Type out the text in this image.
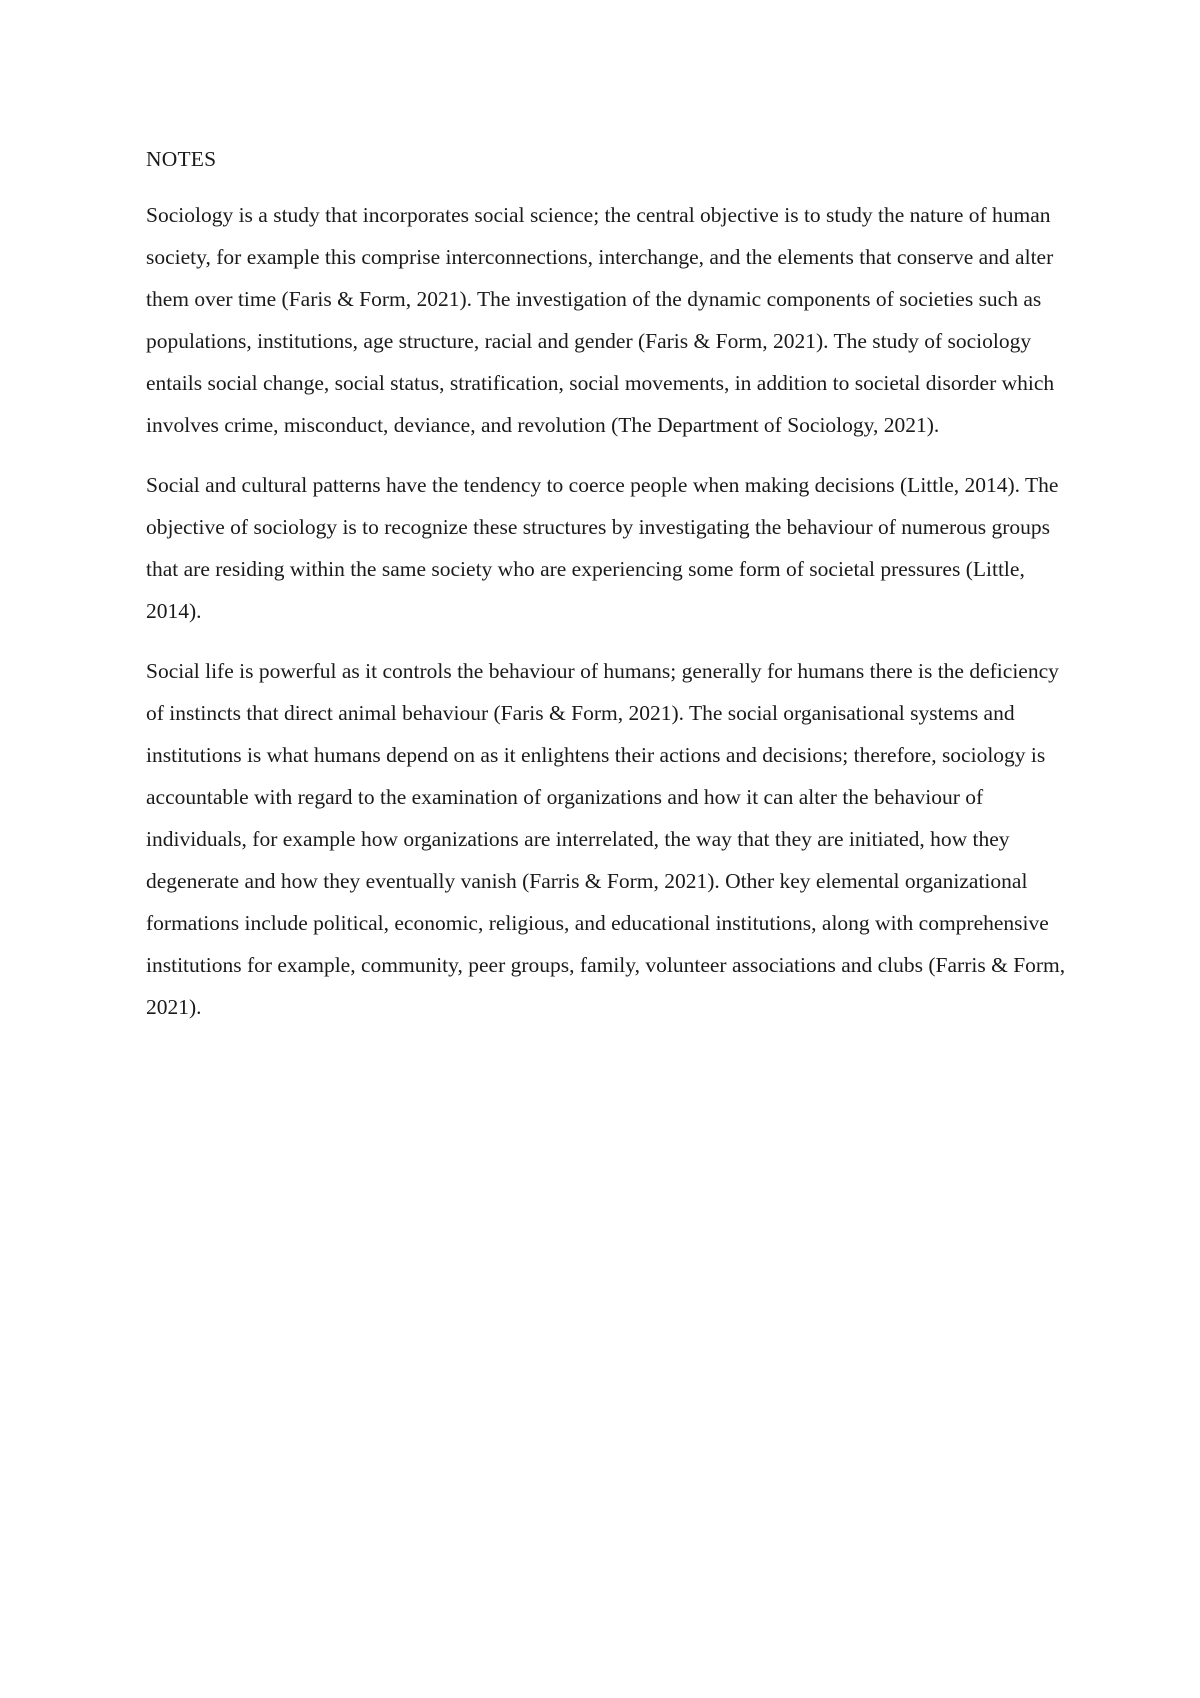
NOTES

Sociology is a study that incorporates social science; the central objective is to study the nature of human society, for example this comprise interconnections, interchange, and the elements that conserve and alter them over time (Faris & Form, 2021). The investigation of the dynamic components of societies such as populations, institutions, age structure, racial and gender (Faris & Form, 2021). The study of sociology entails social change, social status, stratification, social movements, in addition to societal disorder which involves crime, misconduct, deviance, and revolution (The Department of Sociology, 2021).

Social and cultural patterns have the tendency to coerce people when making decisions (Little, 2014). The objective of sociology is to recognize these structures by investigating the behaviour of numerous groups that are residing within the same society who are experiencing some form of societal pressures (Little, 2014).

Social life is powerful as it controls the behaviour of humans; generally for humans there is the deficiency of instincts that direct animal behaviour (Faris & Form, 2021). The social organisational systems and institutions is what humans depend on as it enlightens their actions and decisions; therefore, sociology is accountable with regard to the examination of organizations and how it can alter the behaviour of individuals, for example how organizations are interrelated, the way that they are initiated, how they degenerate and how they eventually vanish (Farris & Form, 2021). Other key elemental organizational formations include political, economic, religious, and educational institutions, along with comprehensive institutions for example, community, peer groups, family, volunteer associations and clubs (Farris & Form, 2021).
